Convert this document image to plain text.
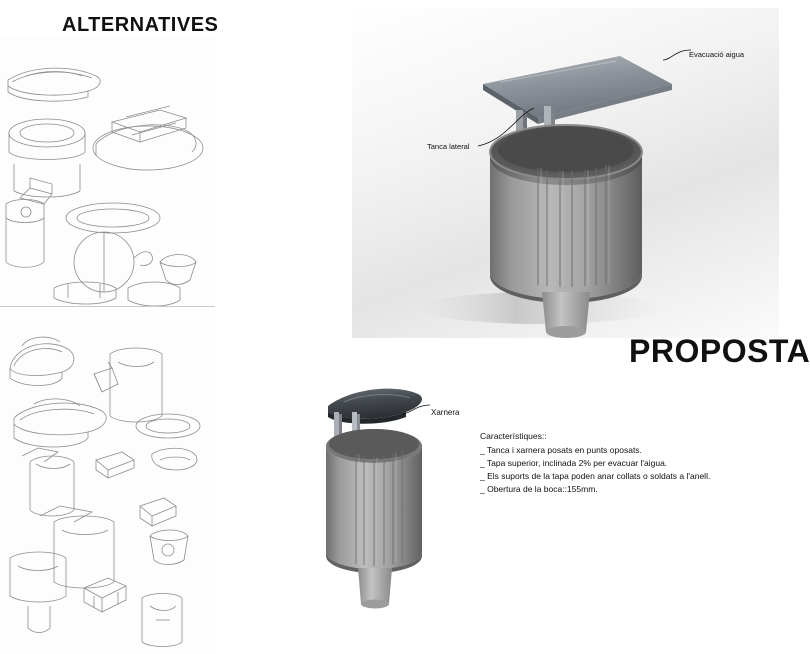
ALTERNATIVES
PROPOSTA
Evacuació aigua
Tanca lateral
Xarnera
Característiques::
_ Tanca i xarnera posats en punts oposats.
_ Tapa superior, inclinada 2% per evacuar l'aigua.
_ Els suports de la tapa poden anar collats o soldats a l'anell.
_ Obertura de la boca::155mm.
